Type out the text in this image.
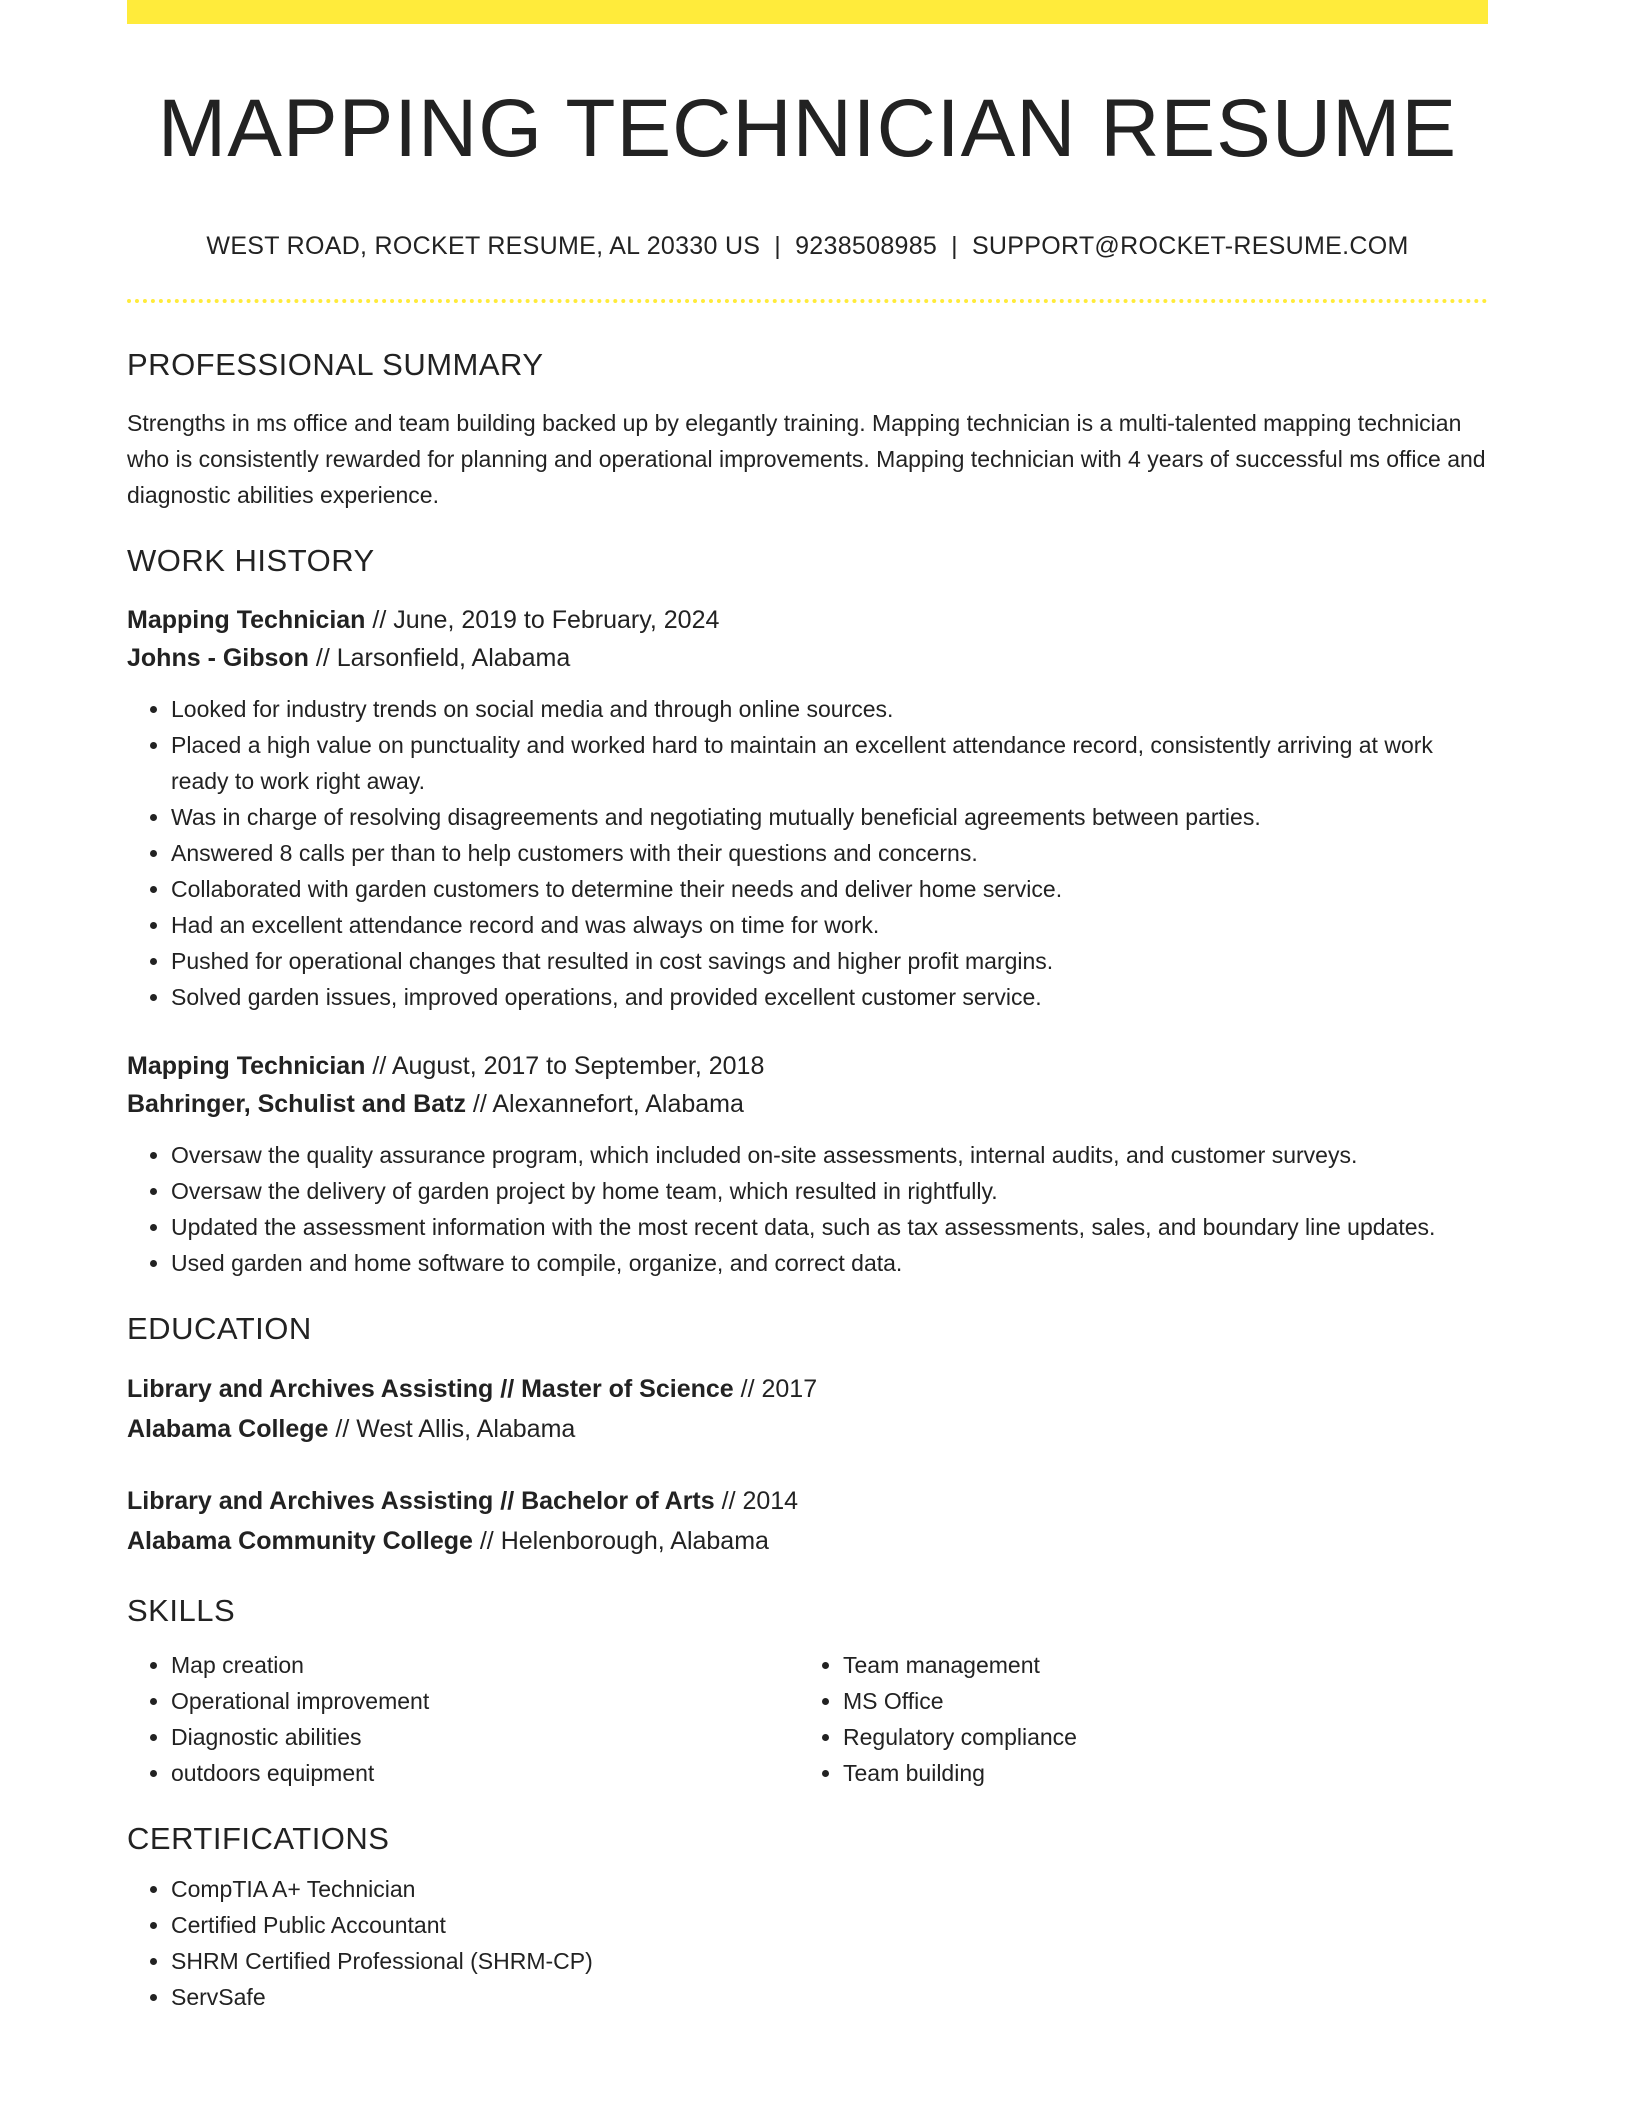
MAPPING TECHNICIAN RESUME
WEST ROAD, ROCKET RESUME, AL 20330 US | 9238508985 | SUPPORT@ROCKET-RESUME.COM
PROFESSIONAL SUMMARY

Strengths in ms office and team building backed up by elegantly training. Mapping technician is a multi-talented mapping technician who is consistently rewarded for planning and operational improvements. Mapping technician with 4 years of successful ms office and diagnostic abilities experience.

WORK HISTORY
Mapping Technician // June, 2019 to February, 2024
Johns - Gibson // Larsonfield, Alabama
• Looked for industry trends on social media and through online sources.
• Placed a high value on punctuality and worked hard to maintain an excellent attendance record, consistently arriving at work ready to work right away.
• Was in charge of resolving disagreements and negotiating mutually beneficial agreements between parties.
• Answered 8 calls per than to help customers with their questions and concerns.
• Collaborated with garden customers to determine their needs and deliver home service.
• Had an excellent attendance record and was always on time for work.
• Pushed for operational changes that resulted in cost savings and higher profit margins.
• Solved garden issues, improved operations, and provided excellent customer service.
Mapping Technician // August, 2017 to September, 2018
Bahringer, Schulist and Batz // Alexannefort, Alabama
• Oversaw the quality assurance program, which included on-site assessments, internal audits, and customer surveys.
• Oversaw the delivery of garden project by home team, which resulted in rightfully.
• Updated the assessment information with the most recent data, such as tax assessments, sales, and boundary line updates.
• Used garden and home software to compile, organize, and correct data.
EDUCATION
Library and Archives Assisting // Master of Science // 2017
Alabama College // West Allis, Alabama
Library and Archives Assisting // Bachelor of Arts // 2014
Alabama Community College // Helenborough, Alabama
SKILLS
• Map creation
• Operational improvement
• Diagnostic abilities
• outdoors equipment
• Team management
• MS Office
• Regulatory compliance
• Team building
CERTIFICATIONS
• CompTIA A+ Technician
• Certified Public Accountant
• SHRM Certified Professional (SHRM-CP)
• ServSafe
